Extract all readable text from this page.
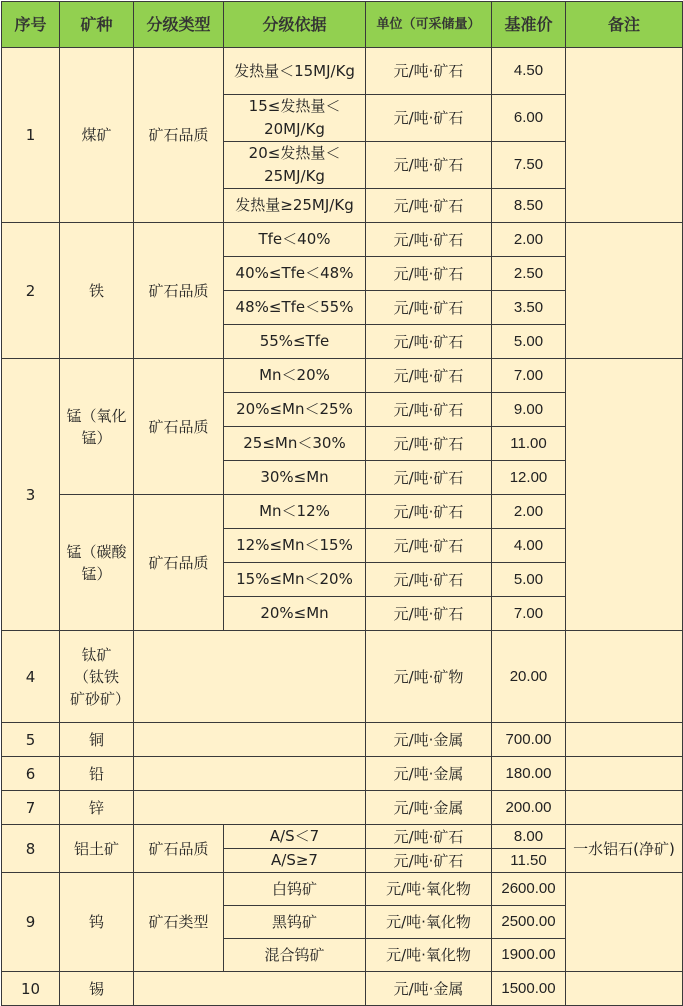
序号	矿种	分级类型	分级依据	单位（可采储量）	基准价	备注
1	煤矿	矿石品质	发热量＜15MJ/Kg	元/吨·矿石	4.50	
			15≤发热量＜20MJ/Kg	元/吨·矿石	6.00	
			20≤发热量＜25MJ/Kg	元/吨·矿石	7.50	
			发热量≥25MJ/Kg	元/吨·矿石	8.50	
2	铁	矿石品质	Tfe＜40%	元/吨·矿石	2.00	
			40%≤Tfe＜48%	元/吨·矿石	2.50	
			48%≤Tfe＜55%	元/吨·矿石	3.50	
			55%≤Tfe	元/吨·矿石	5.00	
3	锰（氧化锰）	矿石品质	Mn＜20%	元/吨·矿石	7.00	
			20%≤Mn＜25%	元/吨·矿石	9.00	
			25≤Mn＜30%	元/吨·矿石	11.00	
			30%≤Mn	元/吨·矿石	12.00	
	锰（碳酸锰）	矿石品质	Mn＜12%	元/吨·矿石	2.00	
			12%≤Mn＜15%	元/吨·矿石	4.00	
			15%≤Mn＜20%	元/吨·矿石	5.00	
			20%≤Mn	元/吨·矿石	7.00	
4	钛矿（钛铁矿砂矿）			元/吨·矿物	20.00	
5	铜			元/吨·金属	700.00	
6	铅			元/吨·金属	180.00	
7	锌			元/吨·金属	200.00	
8	铝土矿	矿石品质	A/S＜7	元/吨·矿石	8.00	一水铝石(净矿)
			A/S≥7	元/吨·矿石	11.50	
9	钨	矿石类型	白钨矿	元/吨·氧化物	2600.00	
			黑钨矿	元/吨·氧化物	2500.00	
			混合钨矿	元/吨·氧化物	1900.00	
10	锡			元/吨·金属	1500.00	
